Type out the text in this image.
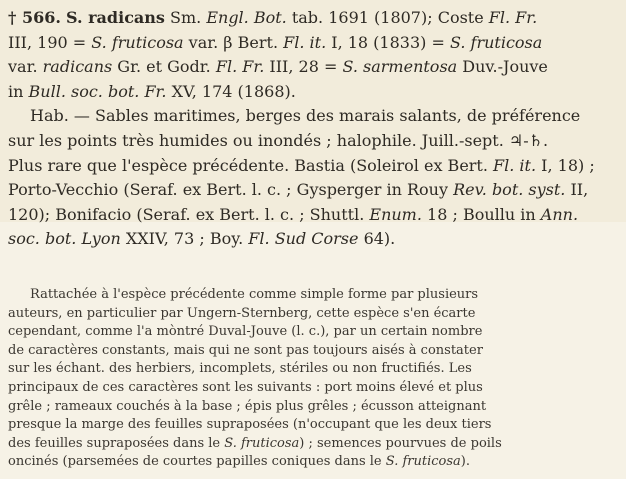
† 566. S. radicans Sm. Engl. Bot. tab. 1691 (1807); Coste Fl. Fr.

III, 190 = S. fruticosa var. β Bert. Fl. it. I, 18 (1833) = S. fruticosa

var. radicans Gr. et Godr. Fl. Fr. III, 28 = S. sarmentosa Duv.-Jouve

in Bull. soc. bot. Fr. XV, 174 (1868).

Hab. — Sables maritimes, berges des marais salants, de préférence

sur les points très humides ou inondés ; halophile. Juill.-sept. ♃-♄.

Plus rare que l'espèce précédente. Bastia (Soleirol ex Bert. Fl. it. I, 18) ;

Porto-Vecchio (Seraf. ex Bert. l. c. ; Gysperger in Rouy Rev. bot. syst. II,

120); Bonifacio (Seraf. ex Bert. l. c. ; Shuttl. Enum. 18 ; Boullu in Ann.

soc. bot. Lyon XXIV, 73 ; Boy. Fl. Sud Corse 64).

Rattachée à l'espèce précédente comme simple forme par plusieurs

auteurs, en particulier par Ungern-Sternberg, cette espèce s'en écarte

cependant, comme l'a mòntré Duval-Jouve (l. c.), par un certain nombre

de caractères constants, mais qui ne sont pas toujours aisés à constater

sur les échant. des herbiers, incomplets, stériles ou non fructifiés. Les

principaux de ces caractères sont les suivants : port moins élevé et plus

grêle ; rameaux couchés à la base ; épis plus grêles ; écusson atteignant

presque la marge des feuilles supraposées (n'occupant que les deux tiers

des feuilles supraposées dans le S. fruticosa) ; semences pourvues de poils

oncinés (parsemées de courtes papilles coniques dans le S. fruticosa).
